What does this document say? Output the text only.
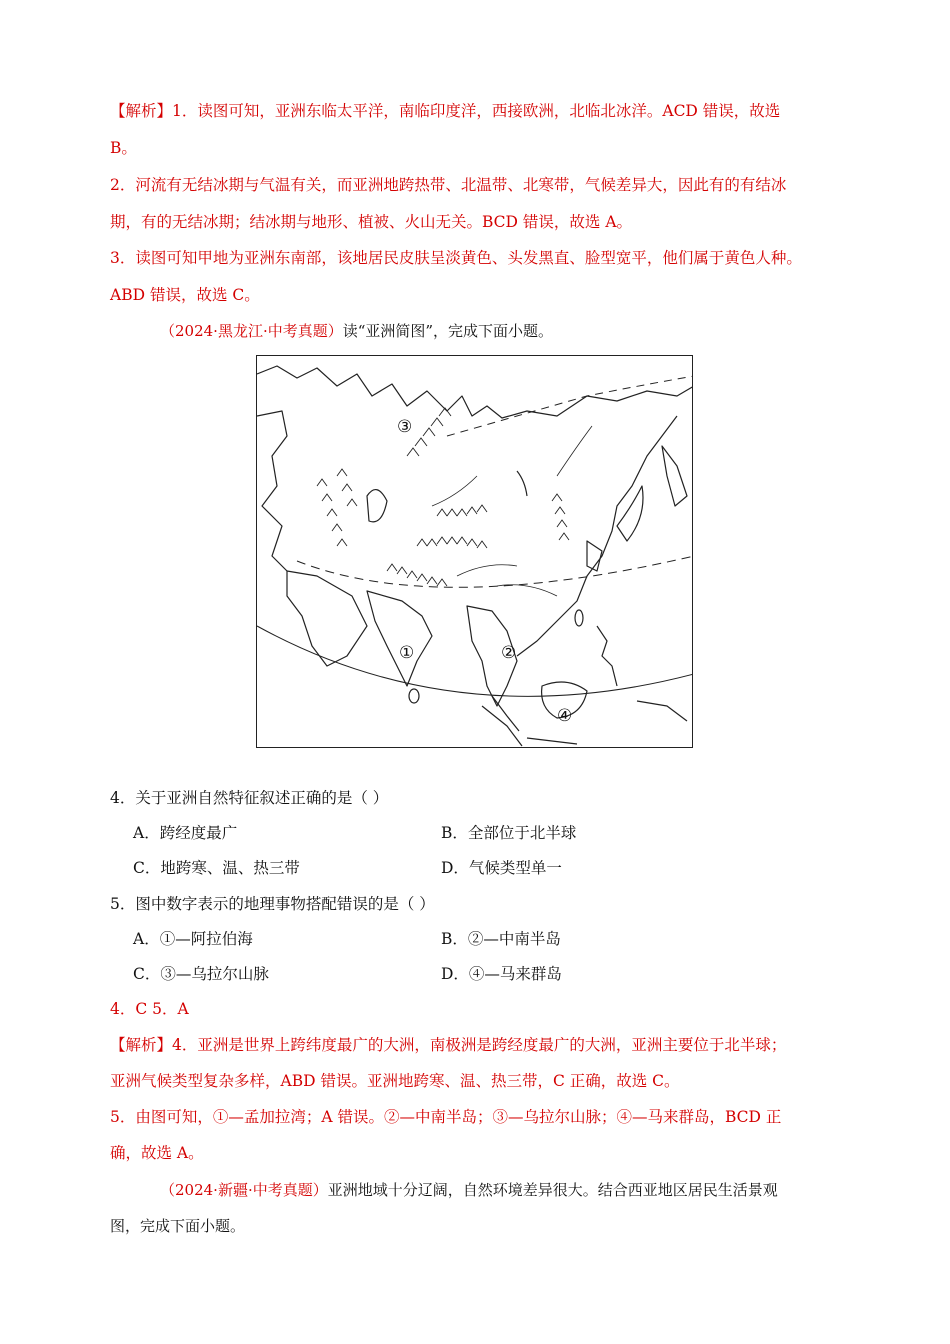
【解析】1．读图可知，亚洲东临太平洋，南临印度洋，西接欧洲，北临北冰洋。ACD 错误，故选
B。
2．河流有无结冰期与气温有关，而亚洲地跨热带、北温带、北寒带，气候差异大，因此有的有结冰
期，有的无结冰期；结冰期与地形、植被、火山无关。BCD 错误，故选 A。
3．读图可知甲地为亚洲东南部，该地居民皮肤呈淡黄色、头发黑直、脸型宽平，他们属于黄色人种。
ABD 错误，故选 C。
（2024·黑龙江·中考真题）读“亚洲简图”，完成下面小题。
①	②
③
④
4．关于亚洲自然特征叙述正确的是（ ）
A．跨经度最广	B．全部位于北半球
C．地跨寒、温、热三带	D．气候类型单一
5．图中数字表示的地理事物搭配错误的是（ ）
A．①—阿拉伯海	B．②—中南半岛
C．③—乌拉尔山脉	D．④—马来群岛
4．C 5．A
【解析】4．亚洲是世界上跨纬度最广的大洲，南极洲是跨经度最广的大洲，亚洲主要位于北半球；
亚洲气候类型复杂多样，ABD 错误。亚洲地跨寒、温、热三带，C 正确，故选 C。
5．由图可知，①—孟加拉湾；A 错误。②—中南半岛；③—乌拉尔山脉；④—马来群岛，BCD 正
确，故选 A。
（2024·新疆·中考真题）亚洲地域十分辽阔，自然环境差异很大。结合西亚地区居民生活景观
图，完成下面小题。
